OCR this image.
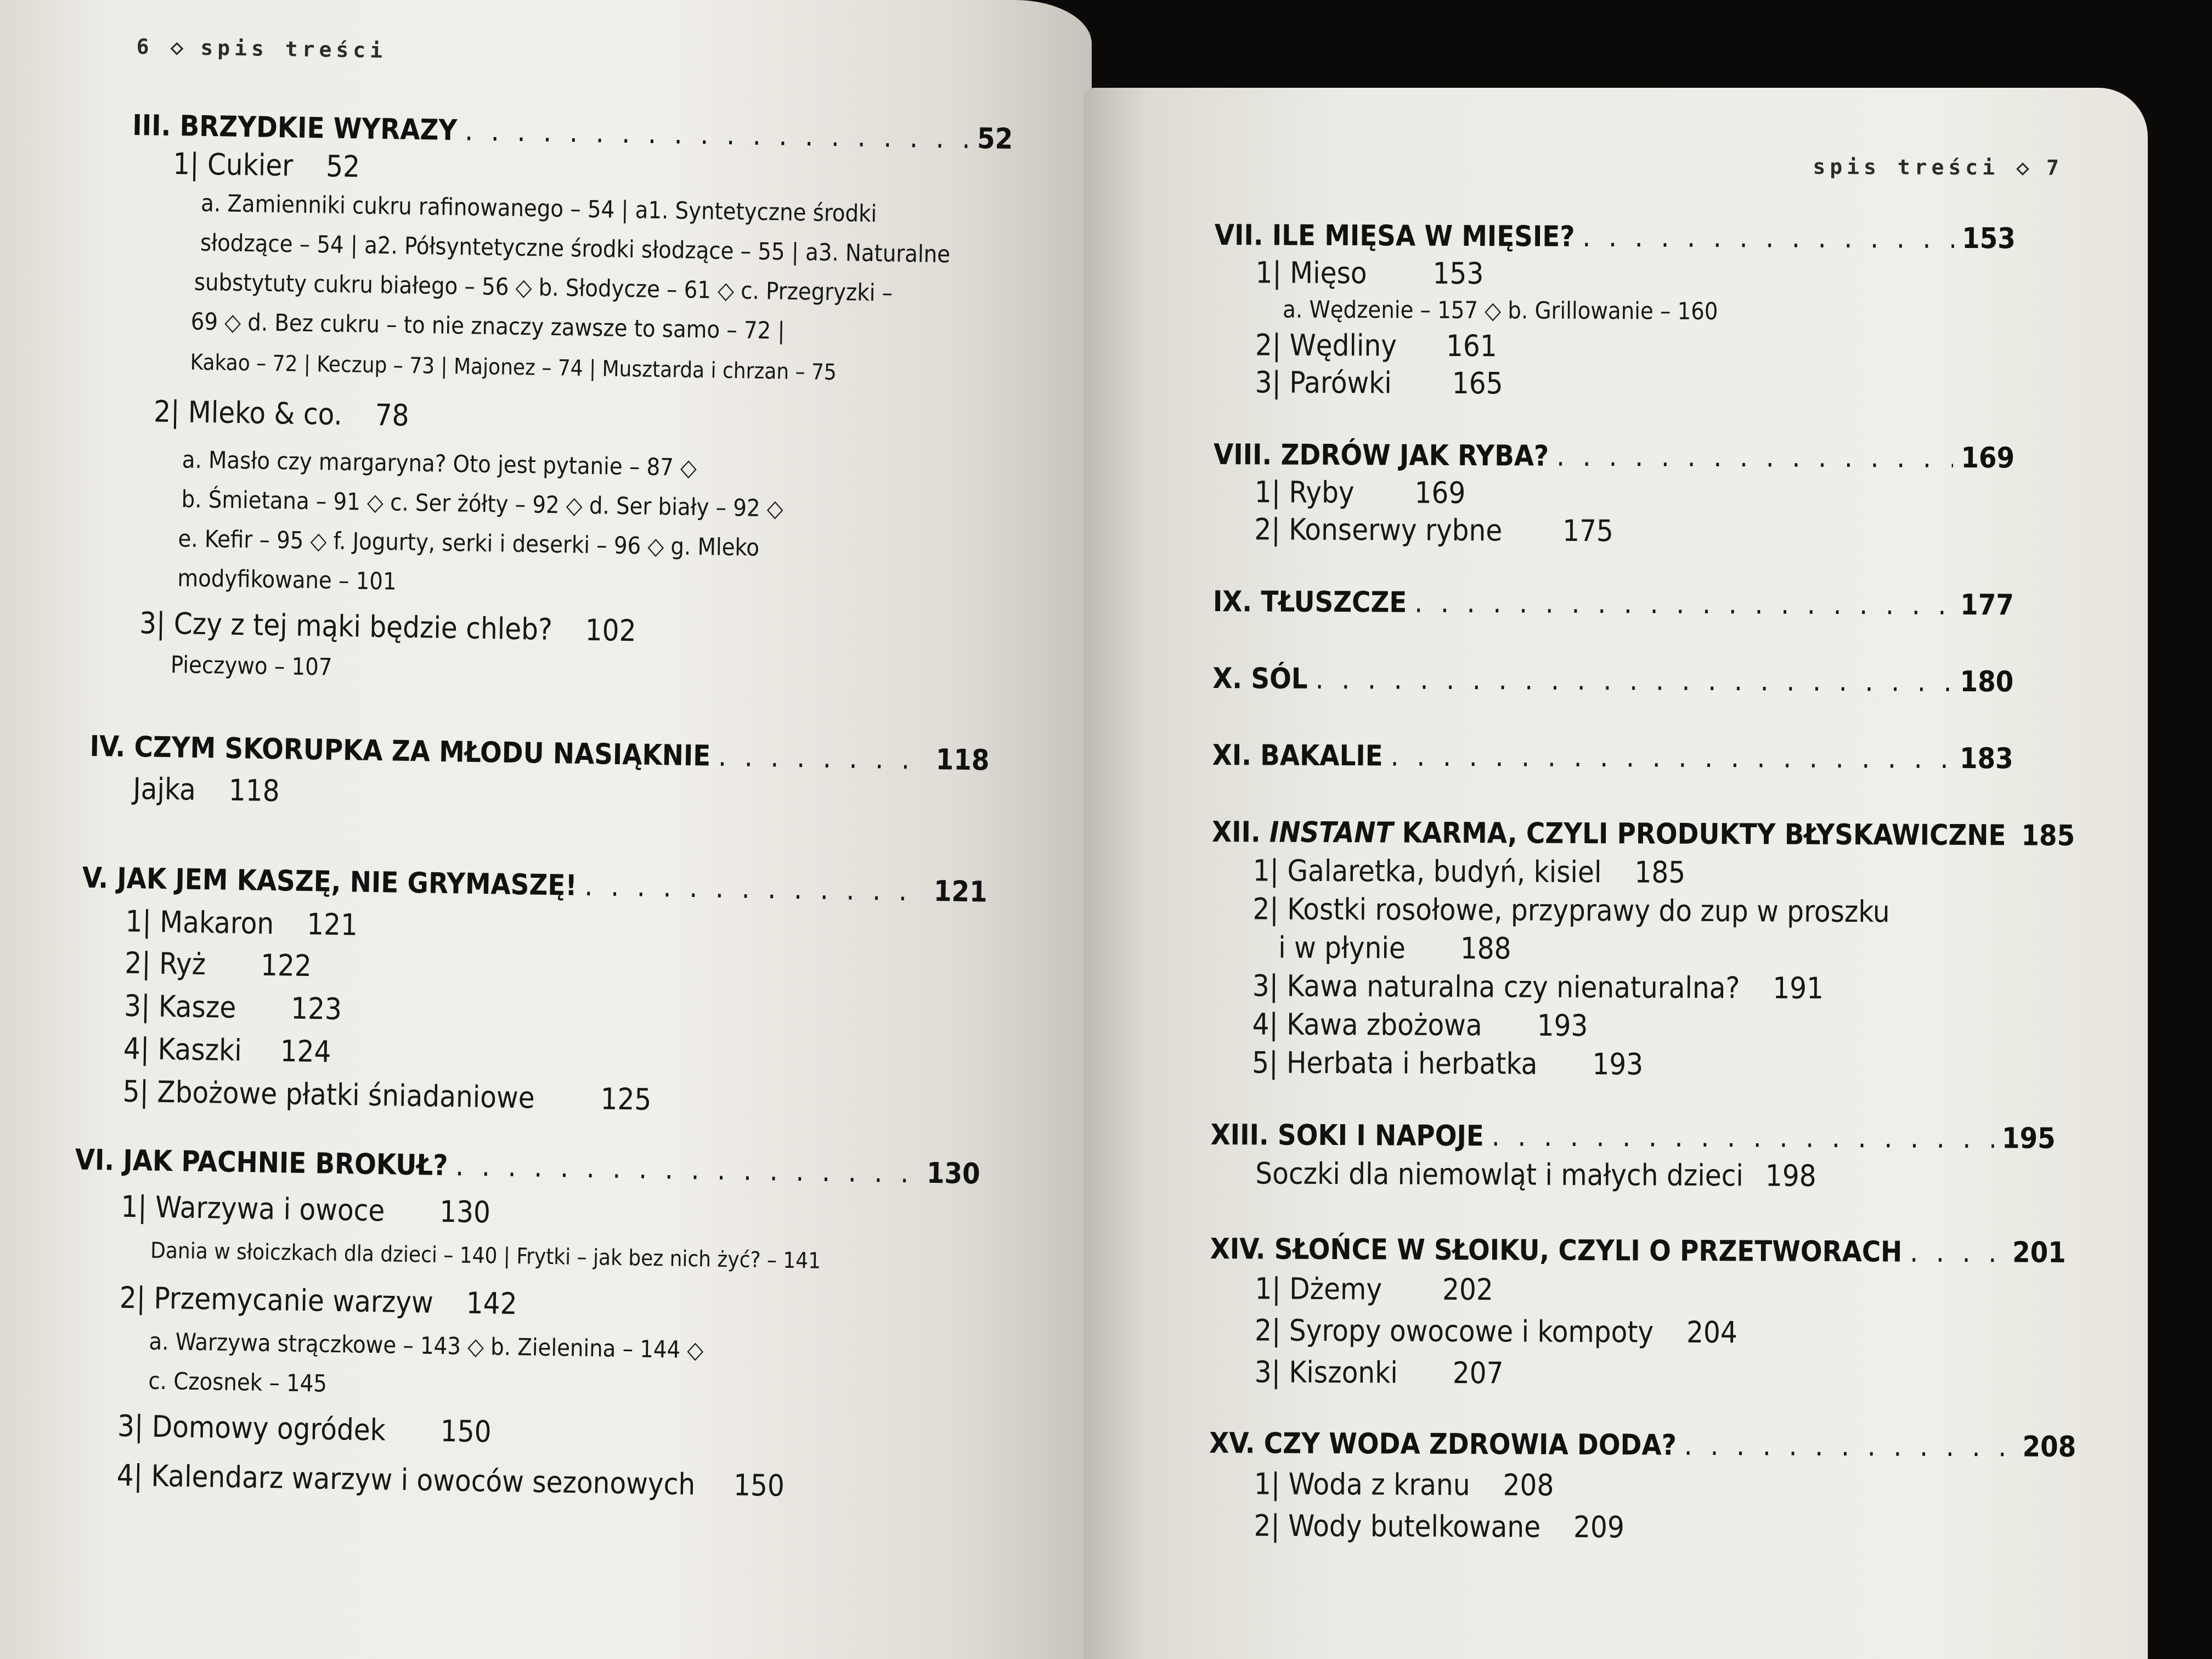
6 ◇ spis treści
III. BRZYDKIE WYRAZY . . .	52
1| Cukier 52
a. Zamienniki cukru rafinowanego – 54 | a1. Syntetyczne środki
słodzące – 54 | a2. Półsyntetyczne środki słodzące – 55 | a3. Naturalne
substytuty cukru białego – 56 ◇ b. Słodycze – 61 ◇ c. Przegryzki –
69 ◇ d. Bez cukru – to nie znaczy zawsze to samo – 72 |
Kakao – 72 | Keczup – 73 | Majonez – 74 | Musztarda i chrzan – 75
2| Mleko & co. 78
a. Masło czy margaryna? Oto jest pytanie – 87 ◇
b. Śmietana – 91 ◇ c. Ser żółty – 92 ◇ d. Ser biały – 92 ◇
e. Kefir – 95 ◇ f. Jogurty, serki i deserki – 96 ◇ g. Mleko
modyfikowane – 101
3| Czy z tej mąki będzie chleb? 102
Pieczywo – 107
IV. CZYM SKORUPKA ZA MŁODU NASIĄKNIE . . .	118
Jajka 118
V. JAK JEM KASZĘ, NIE GRYMASZĘ! . . .	121
1| Makaron 121
2| Ryż 122
3| Kasze 123
4| Kaszki 124
5| Zbożowe płatki śniadaniowe 125
VI. JAK PACHNIE BROKUŁ? . . .	130
1| Warzywa i owoce 130
Dania w słoiczkach dla dzieci – 140 | Frytki – jak bez nich żyć? – 141
2| Przemycanie warzyw 142
a. Warzywa strączkowe – 143 ◇ b. Zielenina – 144 ◇
c. Czosnek – 145
3| Domowy ogródek 150
4| Kalendarz warzyw i owoców sezonowych 150
spis treści ◇ 7
VII. ILE MIĘSA W MIĘSIE? . . .	153
1| Mięso 153
a. Wędzenie – 157 ◇ b. Grillowanie – 160
2| Wędliny 161
3| Parówki 165
VIII. ZDRÓW JAK RYBA? . . .	169
1| Ryby 169
2| Konserwy rybne 175
IX. TŁUSZCZE . . .	177
X. SÓL . . .	180
XI. BAKALIE . . .	183
XII. INSTANT KARMA, CZYLI PRODUKTY BŁYSKAWICZNE . . . 185
1| Galaretka, budyń, kisiel 185
2| Kostki rosołowe, przyprawy do zup w proszku
i w płynie 188
3| Kawa naturalna czy nienaturalna? 191
4| Kawa zbożowa 193
5| Herbata i herbatka 193
XIII. SOKI I NAPOJE . . .	195
Soczki dla niemowląt i małych dzieci 198
XIV. SŁOŃCE W SŁOIKU, CZYLI O PRZETWORACH . . .	201
1| Dżemy 202
2| Syropy owocowe i kompoty 204
3| Kiszonki 207
XV. CZY WODA ZDROWIA DODA? . . .	208
1| Woda z kranu 208
2| Wody butelkowane 209
